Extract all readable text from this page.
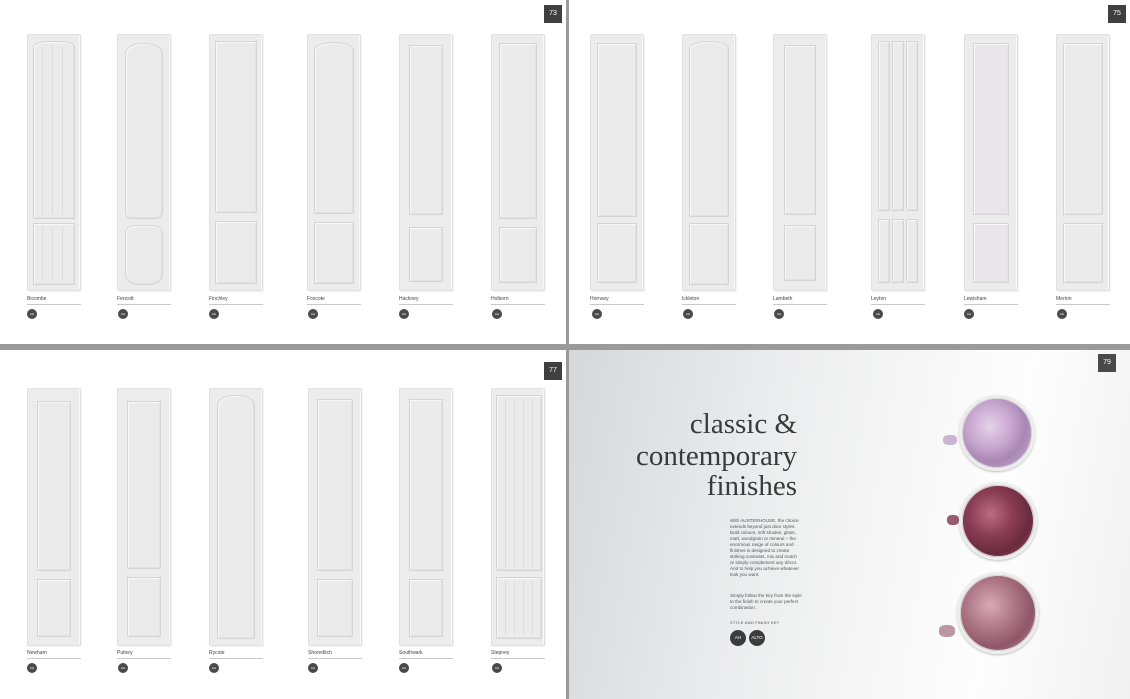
73
Bicombe	Fencott	Finchley	Foxcote	Hackney	Holborn
AH	AH	AH	AH	AH	AH
75
Hornsey	Ickleton	Lambeth	Leyton	Lewisham	Merton
AH	AH	AH	AH	AH	AH
77
Newham	Putney	Rycote	Shoreditch	Southwark	Stepney
AH	AH	AH	AH	AH	AH
79
classic &
contemporary
finishes
With AUSTERHOUSE, the choice extends beyond just door styles. Bold colours, soft shades, gloss, matt, woodgrain or mineral – the enormous range of colours and finishes is designed to create striking contrasts, mix and match or simply complement any décor. And to help you achieve whatever look you want.
Simply follow the key from the style to the finish to create your perfect combination.
STYLE AND FINISH KEY
AH	ALTO
